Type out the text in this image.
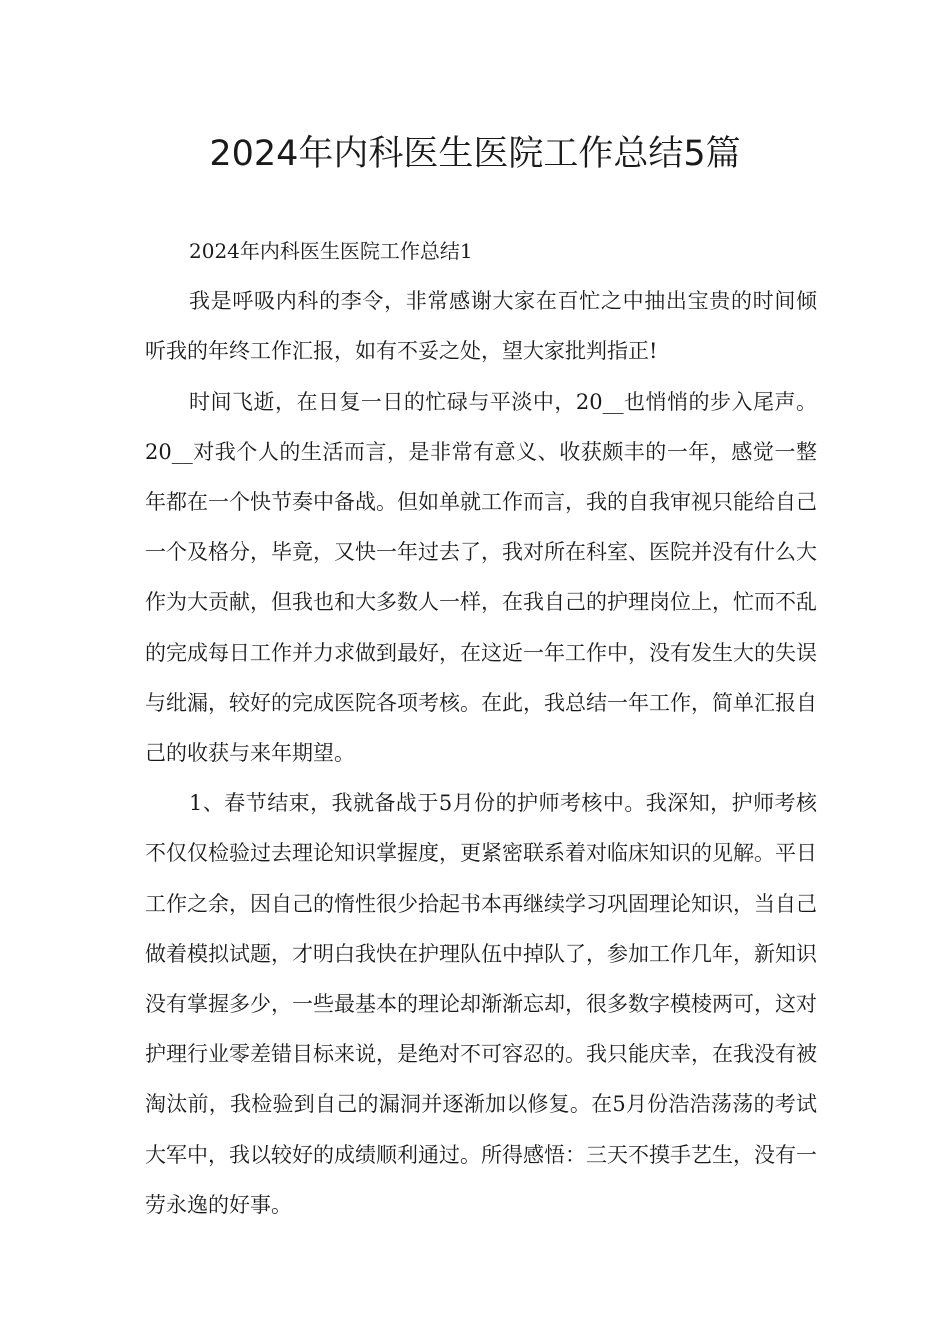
2024年内科医生医院工作总结5篇

2024年内科医生医院工作总结1

我是呼吸内科的李令，非常感谢大家在百忙之中抽出宝贵的时间倾听我的年终工作汇报，如有不妥之处，望大家批判指正!

时间飞逝，在日复一日的忙碌与平淡中，20__也悄悄的步入尾声。20__对我个人的生活而言，是非常有意义、收获颇丰的一年，感觉一整年都在一个快节奏中备战。但如单就工作而言，我的自我审视只能给自己一个及格分，毕竟，又快一年过去了，我对所在科室、医院并没有什么大作为大贡献，但我也和大多数人一样，在我自己的护理岗位上，忙而不乱的完成每日工作并力求做到最好，在这近一年工作中，没有发生大的失误与纰漏，较好的完成医院各项考核。在此，我总结一年工作，简单汇报自己的收获与来年期望。

1、春节结束，我就备战于5月份的护师考核中。我深知，护师考核不仅仅检验过去理论知识掌握度，更紧密联系着对临床知识的见解。平日工作之余，因自己的惰性很少拾起书本再继续学习巩固理论知识，当自己做着模拟试题，才明白我快在护理队伍中掉队了，参加工作几年，新知识没有掌握多少，一些最基本的理论却渐渐忘却，很多数字模棱两可，这对护理行业零差错目标来说，是绝对不可容忍的。我只能庆幸，在我没有被淘汰前，我检验到自己的漏洞并逐渐加以修复。在5月份浩浩荡荡的考试大军中，我以较好的成绩顺利通过。所得感悟：三天不摸手艺生，没有一劳永逸的好事。
